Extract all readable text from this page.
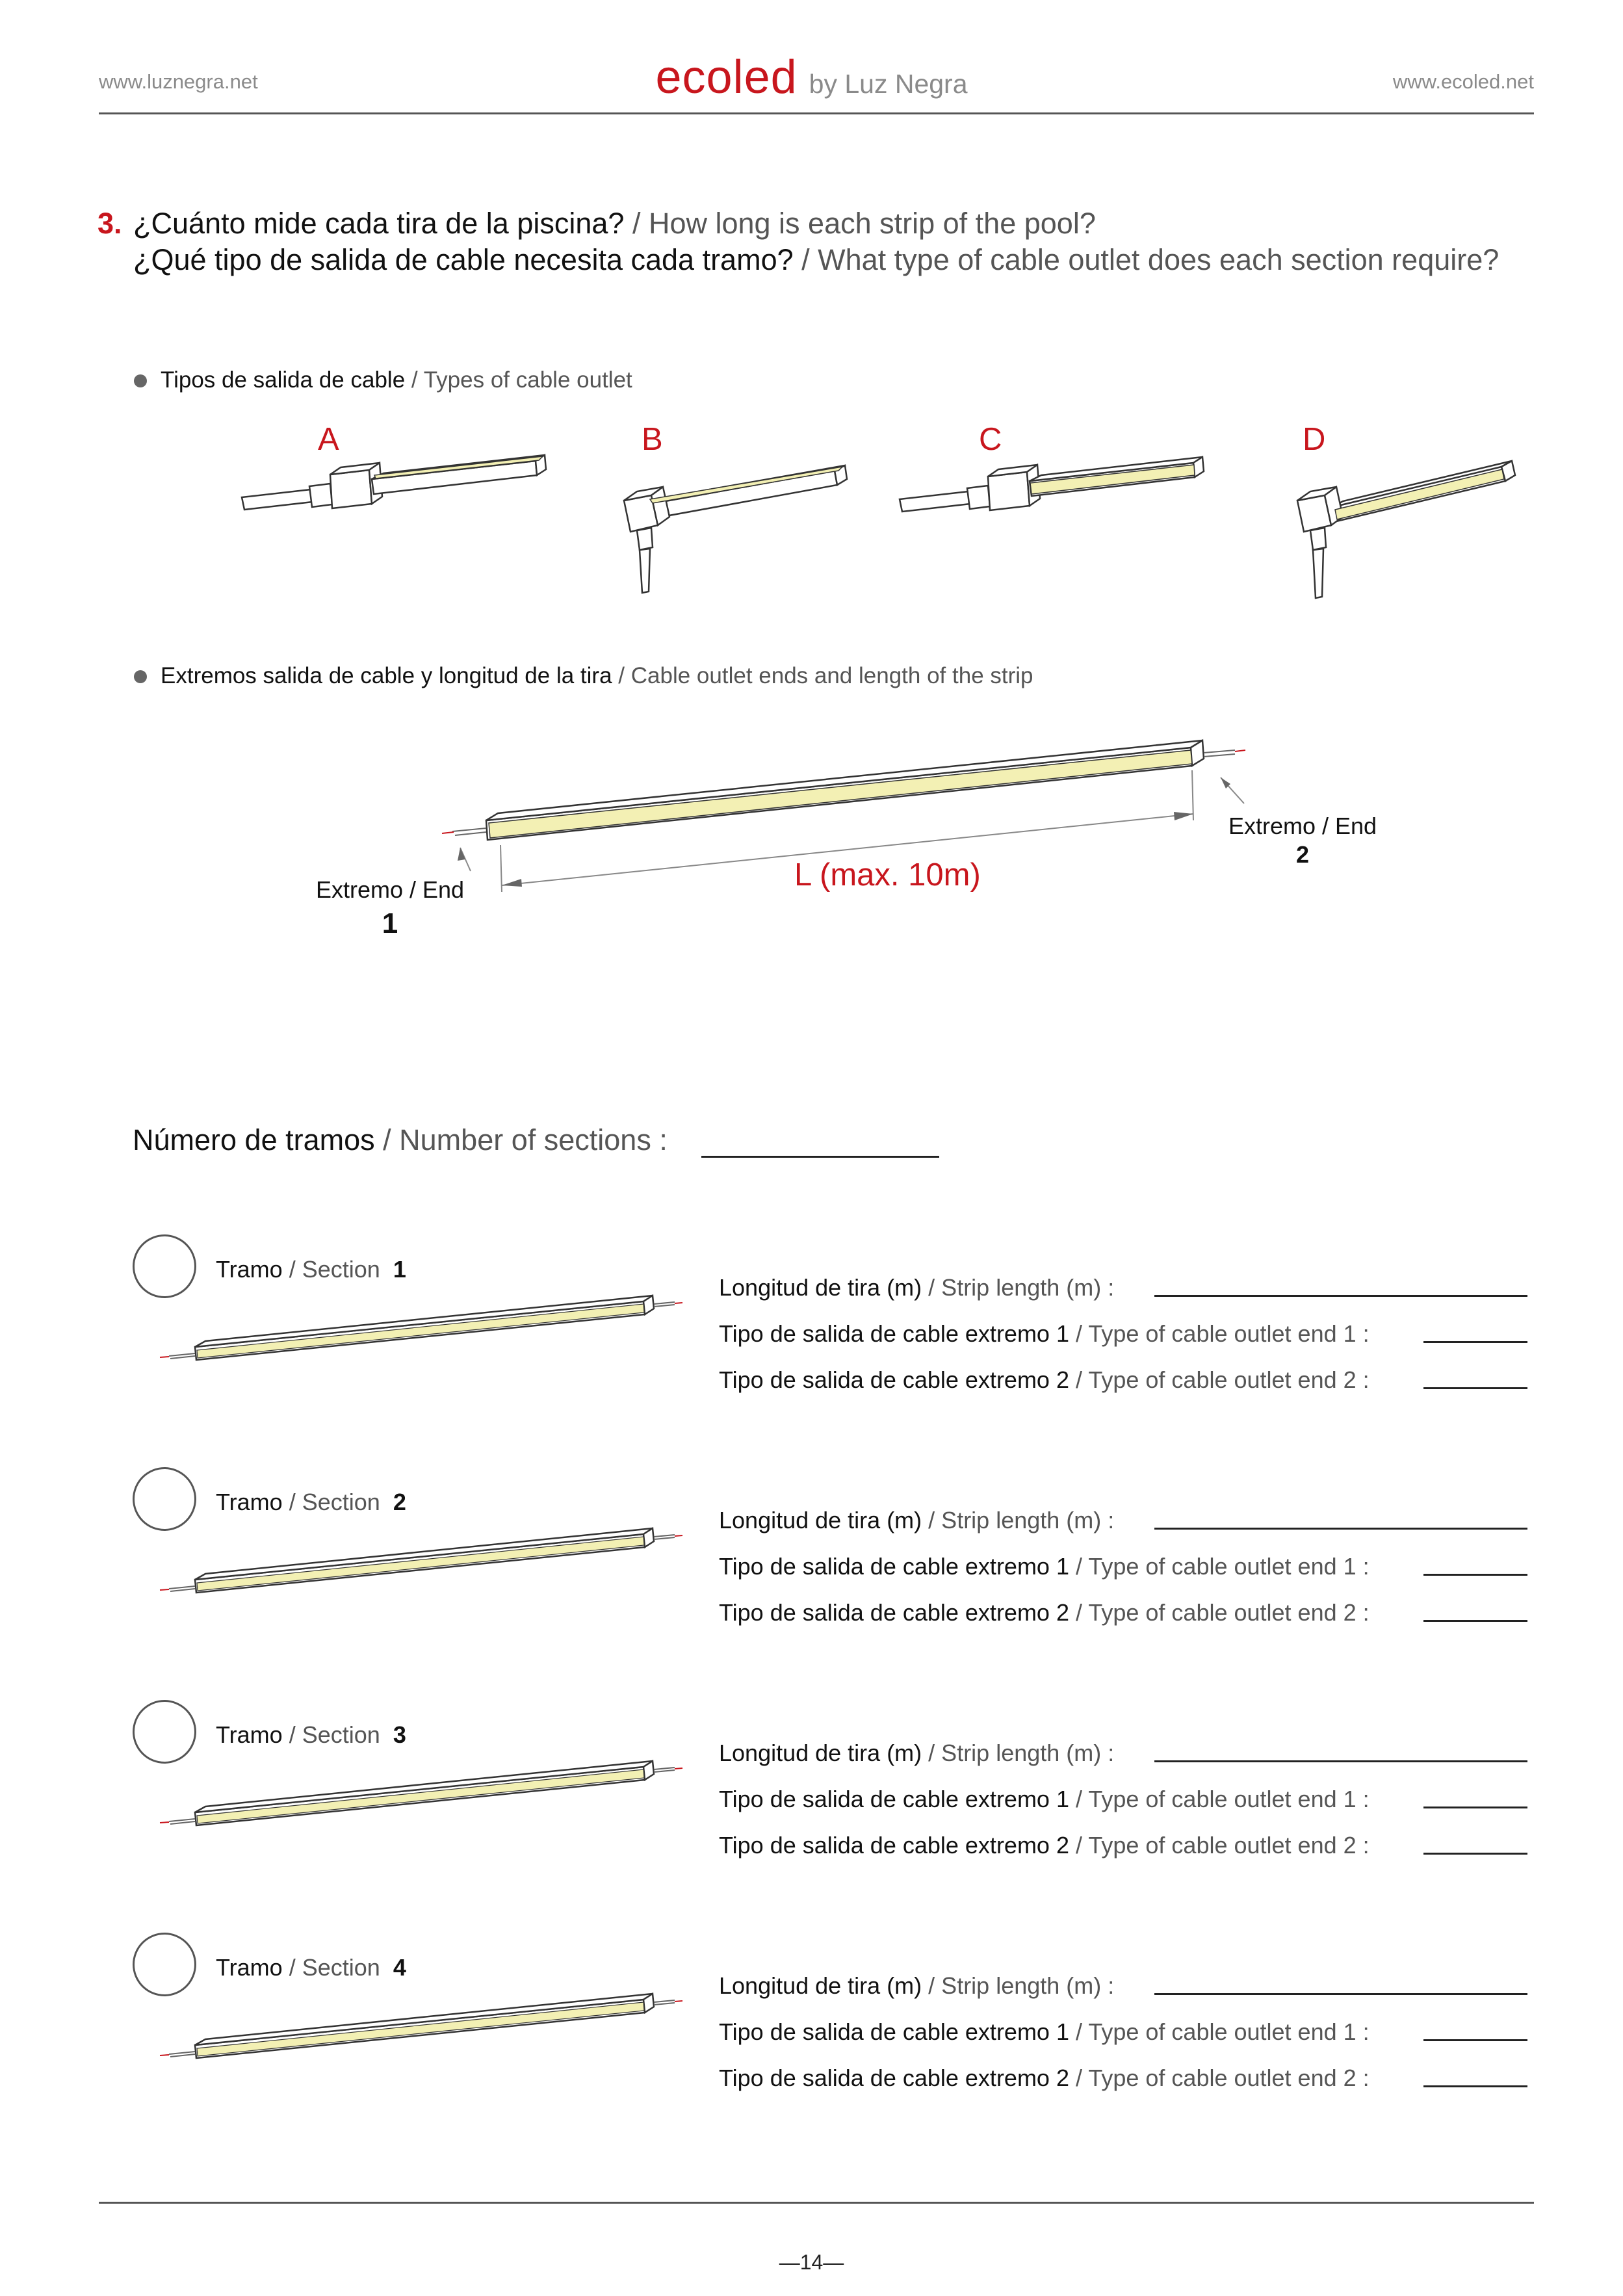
www.luznegra.net	ecoled by Luz Negra	www.ecoled.net
3. ¿Cuánto mide cada tira de la piscina? / How long is each strip of the pool?
¿Qué tipo de salida de cable necesita cada tramo? / What type of cable outlet does each section require?
Tipos de salida de cable / Types of cable outlet
A	B	C	D
Extremos salida de cable y longitud de la tira / Cable outlet ends and length of the strip
Extremo / End
1
Extremo / End
2
L (max. 10m)
Número de tramos / Number of sections :
Tramo / Section 1
Longitud de tira (m) / Strip length (m) :
Tipo de salida de cable extremo 1 / Type of cable outlet end 1 :
Tipo de salida de cable extremo 2 / Type of cable outlet end 2 :
Tramo / Section 2
Longitud de tira (m) / Strip length (m) :
Tipo de salida de cable extremo 1 / Type of cable outlet end 1 :
Tipo de salida de cable extremo 2 / Type of cable outlet end 2 :
Tramo / Section 3
Longitud de tira (m) / Strip length (m) :
Tipo de salida de cable extremo 1 / Type of cable outlet end 1 :
Tipo de salida de cable extremo 2 / Type of cable outlet end 2 :
Tramo / Section 4
Longitud de tira (m) / Strip length (m) :
Tipo de salida de cable extremo 1 / Type of cable outlet end 1 :
Tipo de salida de cable extremo 2 / Type of cable outlet end 2 :
—14—
